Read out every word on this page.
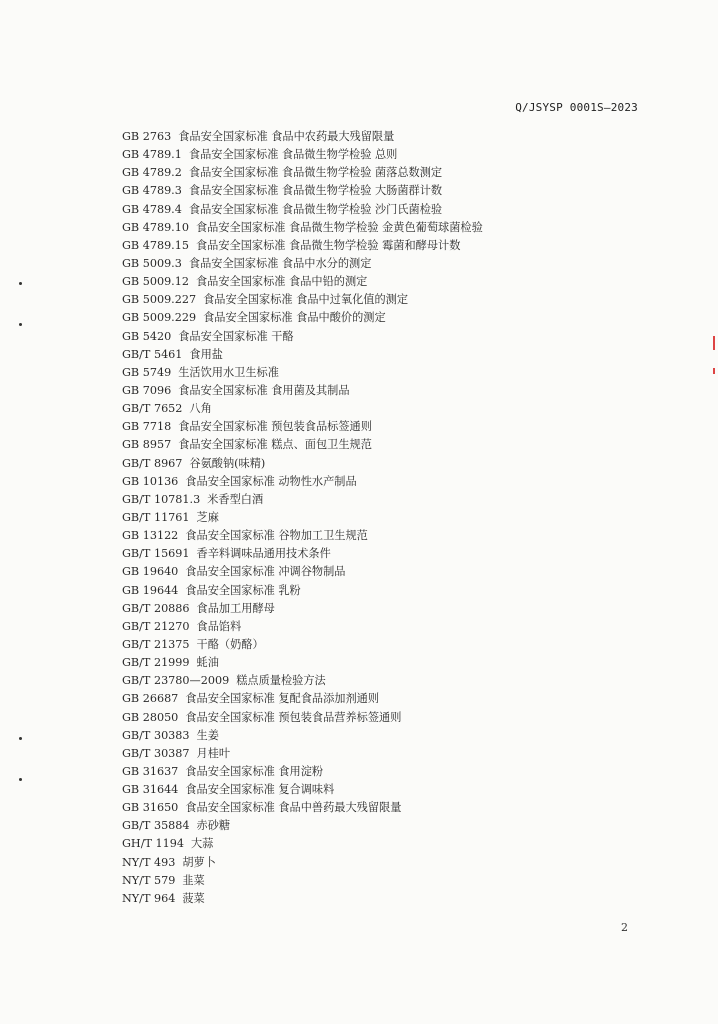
Q/JSYSP 0001S—2023
GB 2763 食品安全国家标准 食品中农药最大残留限量
GB 4789.1 食品安全国家标准 食品微生物学检验 总则
GB 4789.2 食品安全国家标准 食品微生物学检验 菌落总数测定
GB 4789.3 食品安全国家标准 食品微生物学检验 大肠菌群计数
GB 4789.4 食品安全国家标准 食品微生物学检验 沙门氏菌检验
GB 4789.10 食品安全国家标准 食品微生物学检验 金黄色葡萄球菌检验
GB 4789.15 食品安全国家标准 食品微生物学检验 霉菌和酵母计数
GB 5009.3 食品安全国家标准 食品中水分的测定
GB 5009.12 食品安全国家标准 食品中铅的测定
GB 5009.227 食品安全国家标准 食品中过氧化值的测定
GB 5009.229 食品安全国家标准 食品中酸价的测定
GB 5420 食品安全国家标准 干酪
GB/T 5461 食用盐
GB 5749 生活饮用水卫生标准
GB 7096 食品安全国家标准 食用菌及其制品
GB/T 7652 八角
GB 7718 食品安全国家标准 预包装食品标签通则
GB 8957 食品安全国家标准 糕点、面包卫生规范
GB/T 8967 谷氨酸钠(味精)
GB 10136 食品安全国家标准 动物性水产制品
GB/T 10781.3 米香型白酒
GB/T 11761 芝麻
GB 13122 食品安全国家标准 谷物加工卫生规范
GB/T 15691 香辛料调味品通用技术条件
GB 19640 食品安全国家标准 冲调谷物制品
GB 19644 食品安全国家标准 乳粉
GB/T 20886 食品加工用酵母
GB/T 21270 食品馅料
GB/T 21375 干酪（奶酪）
GB/T 21999 蚝油
GB/T 23780—2009 糕点质量检验方法
GB 26687 食品安全国家标准 复配食品添加剂通则
GB 28050 食品安全国家标准 预包装食品营养标签通则
GB/T 30383 生姜
GB/T 30387 月桂叶
GB 31637 食品安全国家标准 食用淀粉
GB 31644 食品安全国家标准 复合调味料
GB 31650 食品安全国家标准 食品中兽药最大残留限量
GB/T 35884 赤砂糖
GH/T 1194 大蒜
NY/T 493 胡萝卜
NY/T 579 韭菜
NY/T 964 菠菜
2
